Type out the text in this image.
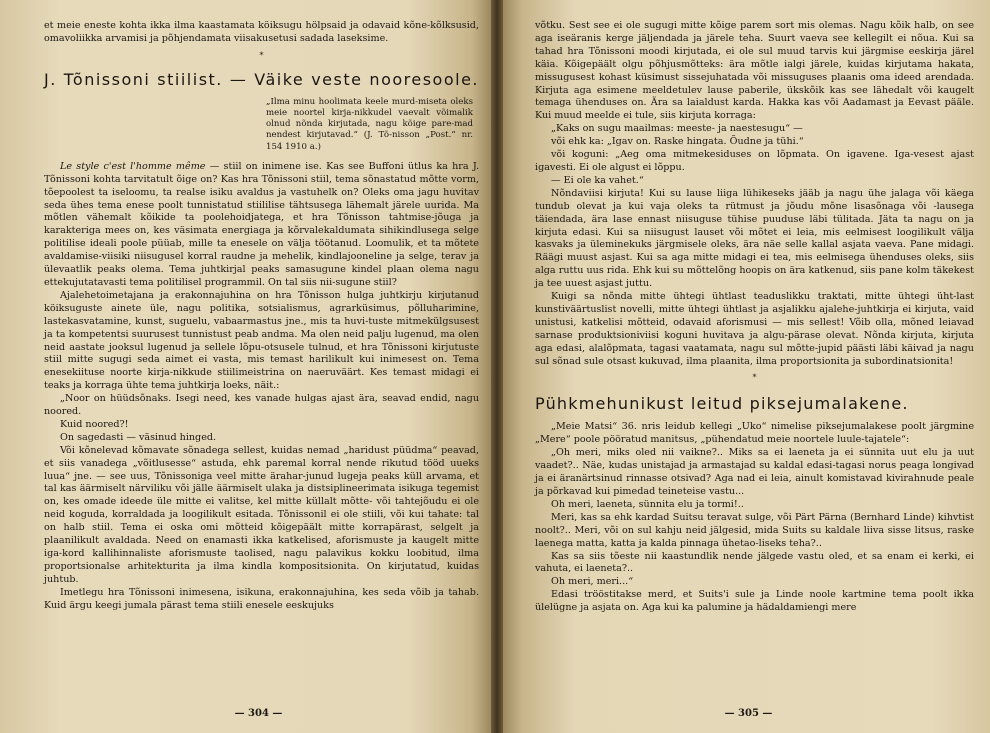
et meie eneste kohta ikka ilma kaastamata köiksugu hölpsaid ja odavaid kõne-kõlksusid, omavoliikka arvamisi ja põhjendamata viisakusetusi sadada laseksime.

*
J. Tõnissoni stiilist. — Väike veste nooresoole.
„Ilma minu hoolimata keele murd-miseta oleks meie noortel kirja-nikkudel vaevalt võimalik olnud nõnda kirjutada, nagu kõige pare-mad nendest kirjutavad.“ (J. Tõ-nisson „Post.“ nr. 154 1910 a.)

Le style c'est l'homme même — stiil on inimene ise. Kas see Buffoni ütlus ka hra J. Tõnissoni kohta tarvitatult õige on? Kas hra Tõnissoni stiil, tema sõnastatud mõtte vorm, tõepoolest ta iseloomu, ta realse isiku avaldus ja vastuhelk on? Oleks oma jagu huvitav seda ühes tema enese poolt tunnistatud stiililise tähtsusega lähemalt järele uurida. Ma mõtlen vähemalt kõikide ta poolehoidjatega, et hra Tõnisson tahtmise-jõuga ja karakteriga mees on, kes väsimata energiaga ja kõrvalekaldumata sihikindlusega selge politilise ideali poole püüab, mille ta enesele on välja töötanud. Loomulik, et ta mõtete avaldamise-viisiki niisugusel korral raudne ja mehelik, kindlajooneline ja selge, terav ja ülevaatlik peaks olema. Tema juhtkirjal peaks samasugune kindel plaan olema nagu ettekujutatavasti tema politilisel programmil. On tal siis nii-sugune stiil?

Ajalehetoimetajana ja erakonnajuhina on hra Tõnisson hulga juhtkirju kirjutanud köiksuguste ainete üle, nagu politika, sotsialismus, agrarküsimus, põlluharimine, lastekasvatamine, kunst, suguelu, vabaarmastus jne., mis ta huvi-tuste mitmekülgsusest ja ta kompetentsi suurusest tunnistust peab andma. Ma olen neid palju lugenud, ma olen neid aastate jooksul lugenud ja sellele lõpu-otsusele tulnud, et hra Tõnissoni kirjutuste stiil mitte sugugi seda aimet ei vasta, mis temast harilikult kui inimesest on. Tema enesekiituse noorte kirja-nikkude stiilimeistrina on naeruväärt. Kes temast midagi ei teaks ja korraga ühte tema juhtkirja loeks, näit.:

„Noor on hüüdsõnaks. Isegi need, kes vanade hulgas ajast ära, seavad endid, nagu noored.

Kuid noored?!

On sagedasti — väsinud hinged.

Või kõnelevad kõmavate sõnadega sellest, kuidas nemad „haridust püüdma“ peavad, et siis vanadega „võitlusesse“ astuda, ehk paremal korral nende rikutud tööd uueks luua“ jne. — see uus, Tõnissoniga veel mitte ärahar-junud lugeja peaks küll arvama, et tal kas äärmiselt närviliku või jälle äärmiselt ulaka ja distsiplineerimata isikuga tegemist on, kes omade ideede üle mitte ei valitse, kel mitte küllalt mõtte- või tahtejõudu ei ole neid koguda, korraldada ja loogilikult esitada. Tõnissonil ei ole stiili, või kui tahate: tal on halb stiil. Tema ei oska omi mõtteid kõigepäält mitte korrapärast, selgelt ja plaanilikult avaldada. Need on enamasti ikka katkelised, aforismuste ja kaugelt mitte iga-kord kallihinnaliste aforismuste taolised, nagu palavikus kokku loobitud, ilma proportsionalse arhitekturita ja ilma kindla kompositsionita. On kirjutatud, kuidas juhtub.

Imetlegu hra Tõnissoni inimesena, isikuna, erakonnajuhina, kes seda võib ja tahab. Kuid ärgu keegi jumala pärast tema stiili enesele eeskujuks

— 304 —

võtku. Sest see ei ole sugugi mitte kõige parem sort mis olemas. Nagu kõik halb, on see aga iseäranis kerge jäljendada ja järele teha. Suurt vaeva see kellegilt ei nõua. Kui sa tahad hra Tõnissoni moodi kirjutada, ei ole sul muud tarvis kui järgmise eeskirja järel käia. Kõigepäält olgu põhjusmõtteks: ära mõtle ialgi järele, kuidas kirjutama hakata, missugusest kohast küsimust sissejuhatada või missuguses plaanis oma ideed arendada. Kirjuta aga esimene meeldetulev lause paberile, ükskõik kas see lähedalt või kaugelt temaga ühenduses on. Ära sa laialdust karda. Hakka kas või Aadamast ja Eevast pääle. Kui muud meelde ei tule, siis kirjuta korraga:

„Kaks on sugu maailmas: meeste- ja naestesugu“ —

või ehk ka: „Igav on. Raske hingata. Õudne ja tühi.“

või koguni: „Aeg oma mitmekesiduses on lõpmata. On igavene. Iga-vesest ajast igavesti. Ei ole algust ei lõppu.

— Ei ole ka vahet.“

Nõndaviisi kirjuta! Kui su lause liiga lühikeseks jääb ja nagu ühe jalaga või käega tundub olevat ja kui vaja oleks ta rütmust ja jõudu mõne lisasõnaga või -lausega täiendada, ära lase ennast niisuguse tühise puuduse läbi tülitada. Jäta ta nagu on ja kirjuta edasi. Kui sa niisugust lauset või mõtet ei leia, mis eelmisest loogilikult välja kasvaks ja üleminekuks järgmisele oleks, ära näe selle kallal asjata vaeva. Pane midagi. Räägi muust asjast. Kui sa aga mitte midagi ei tea, mis eelmisega ühenduses oleks, siis alga ruttu uus rida. Ehk kui su mõttelõng hoopis on ära katkenud, siis pane kolm täkekest ja tee uuest asjast juttu.

Kuigi sa nõnda mitte ühtegi ühtlast teaduslikku traktati, mitte ühtegi üht-last kunstiväärtuslist novelli, mitte ühtegi ühtlast ja asjalikku ajalehe-juhtkirja ei kirjuta, vaid unistusi, katkelisi mõtteid, odavaid aforismusi — mis sellest! Võib olla, mõned leiavad sarnase produktsioniviisi koguni huvitava ja algu-pärase olevat. Nõnda kirjuta, kirjuta aga edasi, alalõpmata, tagasi vaatamata, nagu sul mõtte-jupid päästi läbi käivad ja nagu sul sõnad sule otsast kukuvad, ilma plaanita, ilma proportsionita ja subordinatsionita!

*
Pühkmehunikust leitud piksejumalakene.

„Meie Matsi“ 36. nris leidub kellegi „Uko“ nimelise piksejumalakese poolt järgmine „Mere“ poole pööratud manitsus, „pühendatud meie noortele luule-tajatele“:

„Oh meri, miks oled nii vaikne?.. Miks sa ei laeneta ja ei sünnita uut elu ja uut vaadet?.. Näe, kudas unistajad ja armastajad su kaldal edasi-tagasi norus peaga longivad ja ei äranärtsinud rinnasse otsivad? Aga nad ei leia, ainult komistavad kivirahnude peale ja põrkavad kui pimedad teineteise vastu...

Oh meri, laeneta, sünnita elu ja tormi!..

Meri, kas sa ehk kardad Suitsu teravat sulge, või Pärt Pärna (Bernhard Linde) kihvtist noolt?.. Meri, või on sul kahju neid jälgesid, mida Suits su kaldale liiva sisse litsus, raske laenega matta, katta ja kalda pinnaga ühetao-liseks teha?..

Kas sa siis tõeste nii kaastundlik nende jälgede vastu oled, et sa enam ei kerki, ei vahuta, ei laeneta?..

Oh meri, meri...“

Edasi trööstitakse merd, et Suits'i sule ja Linde noole kartmine tema poolt ikka ülelügne ja asjata on. Aga kui ka palumine ja hädaldamiengi mere

— 305 —
